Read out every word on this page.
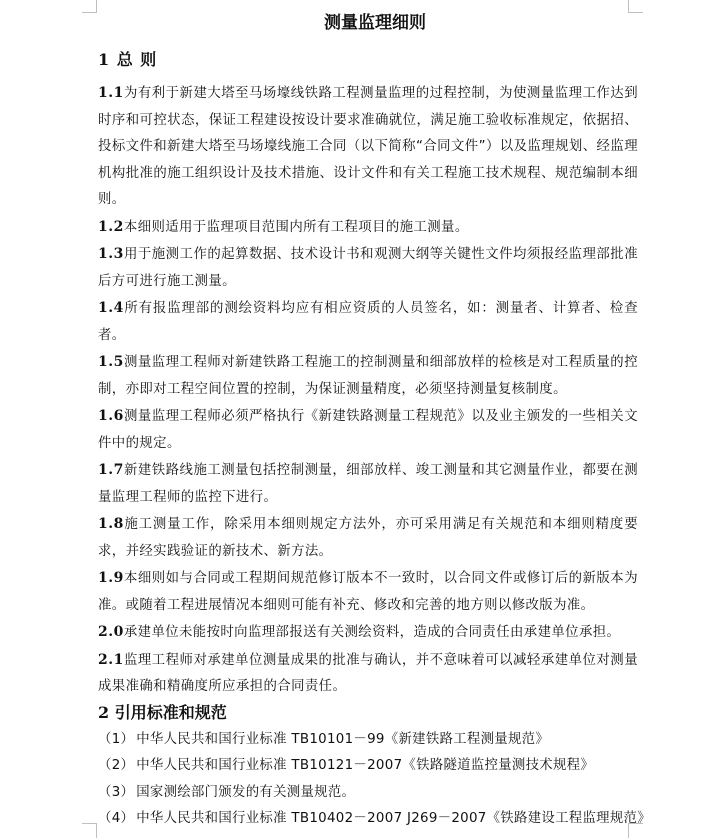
测量监理细则
1 总 则

1.1为有利于新建大塔至马场壕线铁路工程测量监理的过程控制，为使测量监理工作达到时序和可控状态，保证工程建设按设计要求准确就位，满足施工验收标准规定，依据招、投标文件和新建大塔至马场壕线施工合同（以下简称“合同文件”）以及监理规划、经监理机构批准的施工组织设计及技术措施、设计文件和有关工程施工技术规程、规范编制本细则。

1.2本细则适用于监理项目范围内所有工程项目的施工测量。

1.3用于施测工作的起算数据、技术设计书和观测大纲等关键性文件均须报经监理部批准后方可进行施工测量。

1.4所有报监理部的测绘资料均应有相应资质的人员签名，如：测量者、计算者、检查者。

1.5测量监理工程师对新建铁路工程施工的控制测量和细部放样的检核是对工程质量的控制，亦即对工程空间位置的控制，为保证测量精度，必须坚持测量复核制度。

1.6测量监理工程师必须严格执行《新建铁路测量工程规范》以及业主颁发的一些相关文件中的规定。

1.7新建铁路线施工测量包括控制测量，细部放样、竣工测量和其它测量作业，都要在测量监理工程师的监控下进行。

1.8施工测量工作，除采用本细则规定方法外，亦可采用满足有关规范和本细则精度要求，并经实践验证的新技术、新方法。

1.9本细则如与合同或工程期间规范修订版本不一致时，以合同文件或修订后的新版本为准。或随着工程进展情况本细则可能有补充、修改和完善的地方则以修改版为准。

2.0承建单位未能按时向监理部报送有关测绘资料，造成的合同责任由承建单位承担。

2.1监理工程师对承建单位测量成果的批准与确认，并不意味着可以减轻承建单位对测量成果准确和精确度所应承担的合同责任。

2 引用标准和规范

（1） 中华人民共和国行业标准 TB10101－99《新建铁路工程测量规范》

（2） 中华人民共和国行业标准 TB10121－2007《铁路隧道监控量测技术规程》

（3） 国家测绘部门颁发的有关测量规范。

（4） 中华人民共和国行业标准 TB10402－2007 J269－2007《铁路建设工程监理规范》
